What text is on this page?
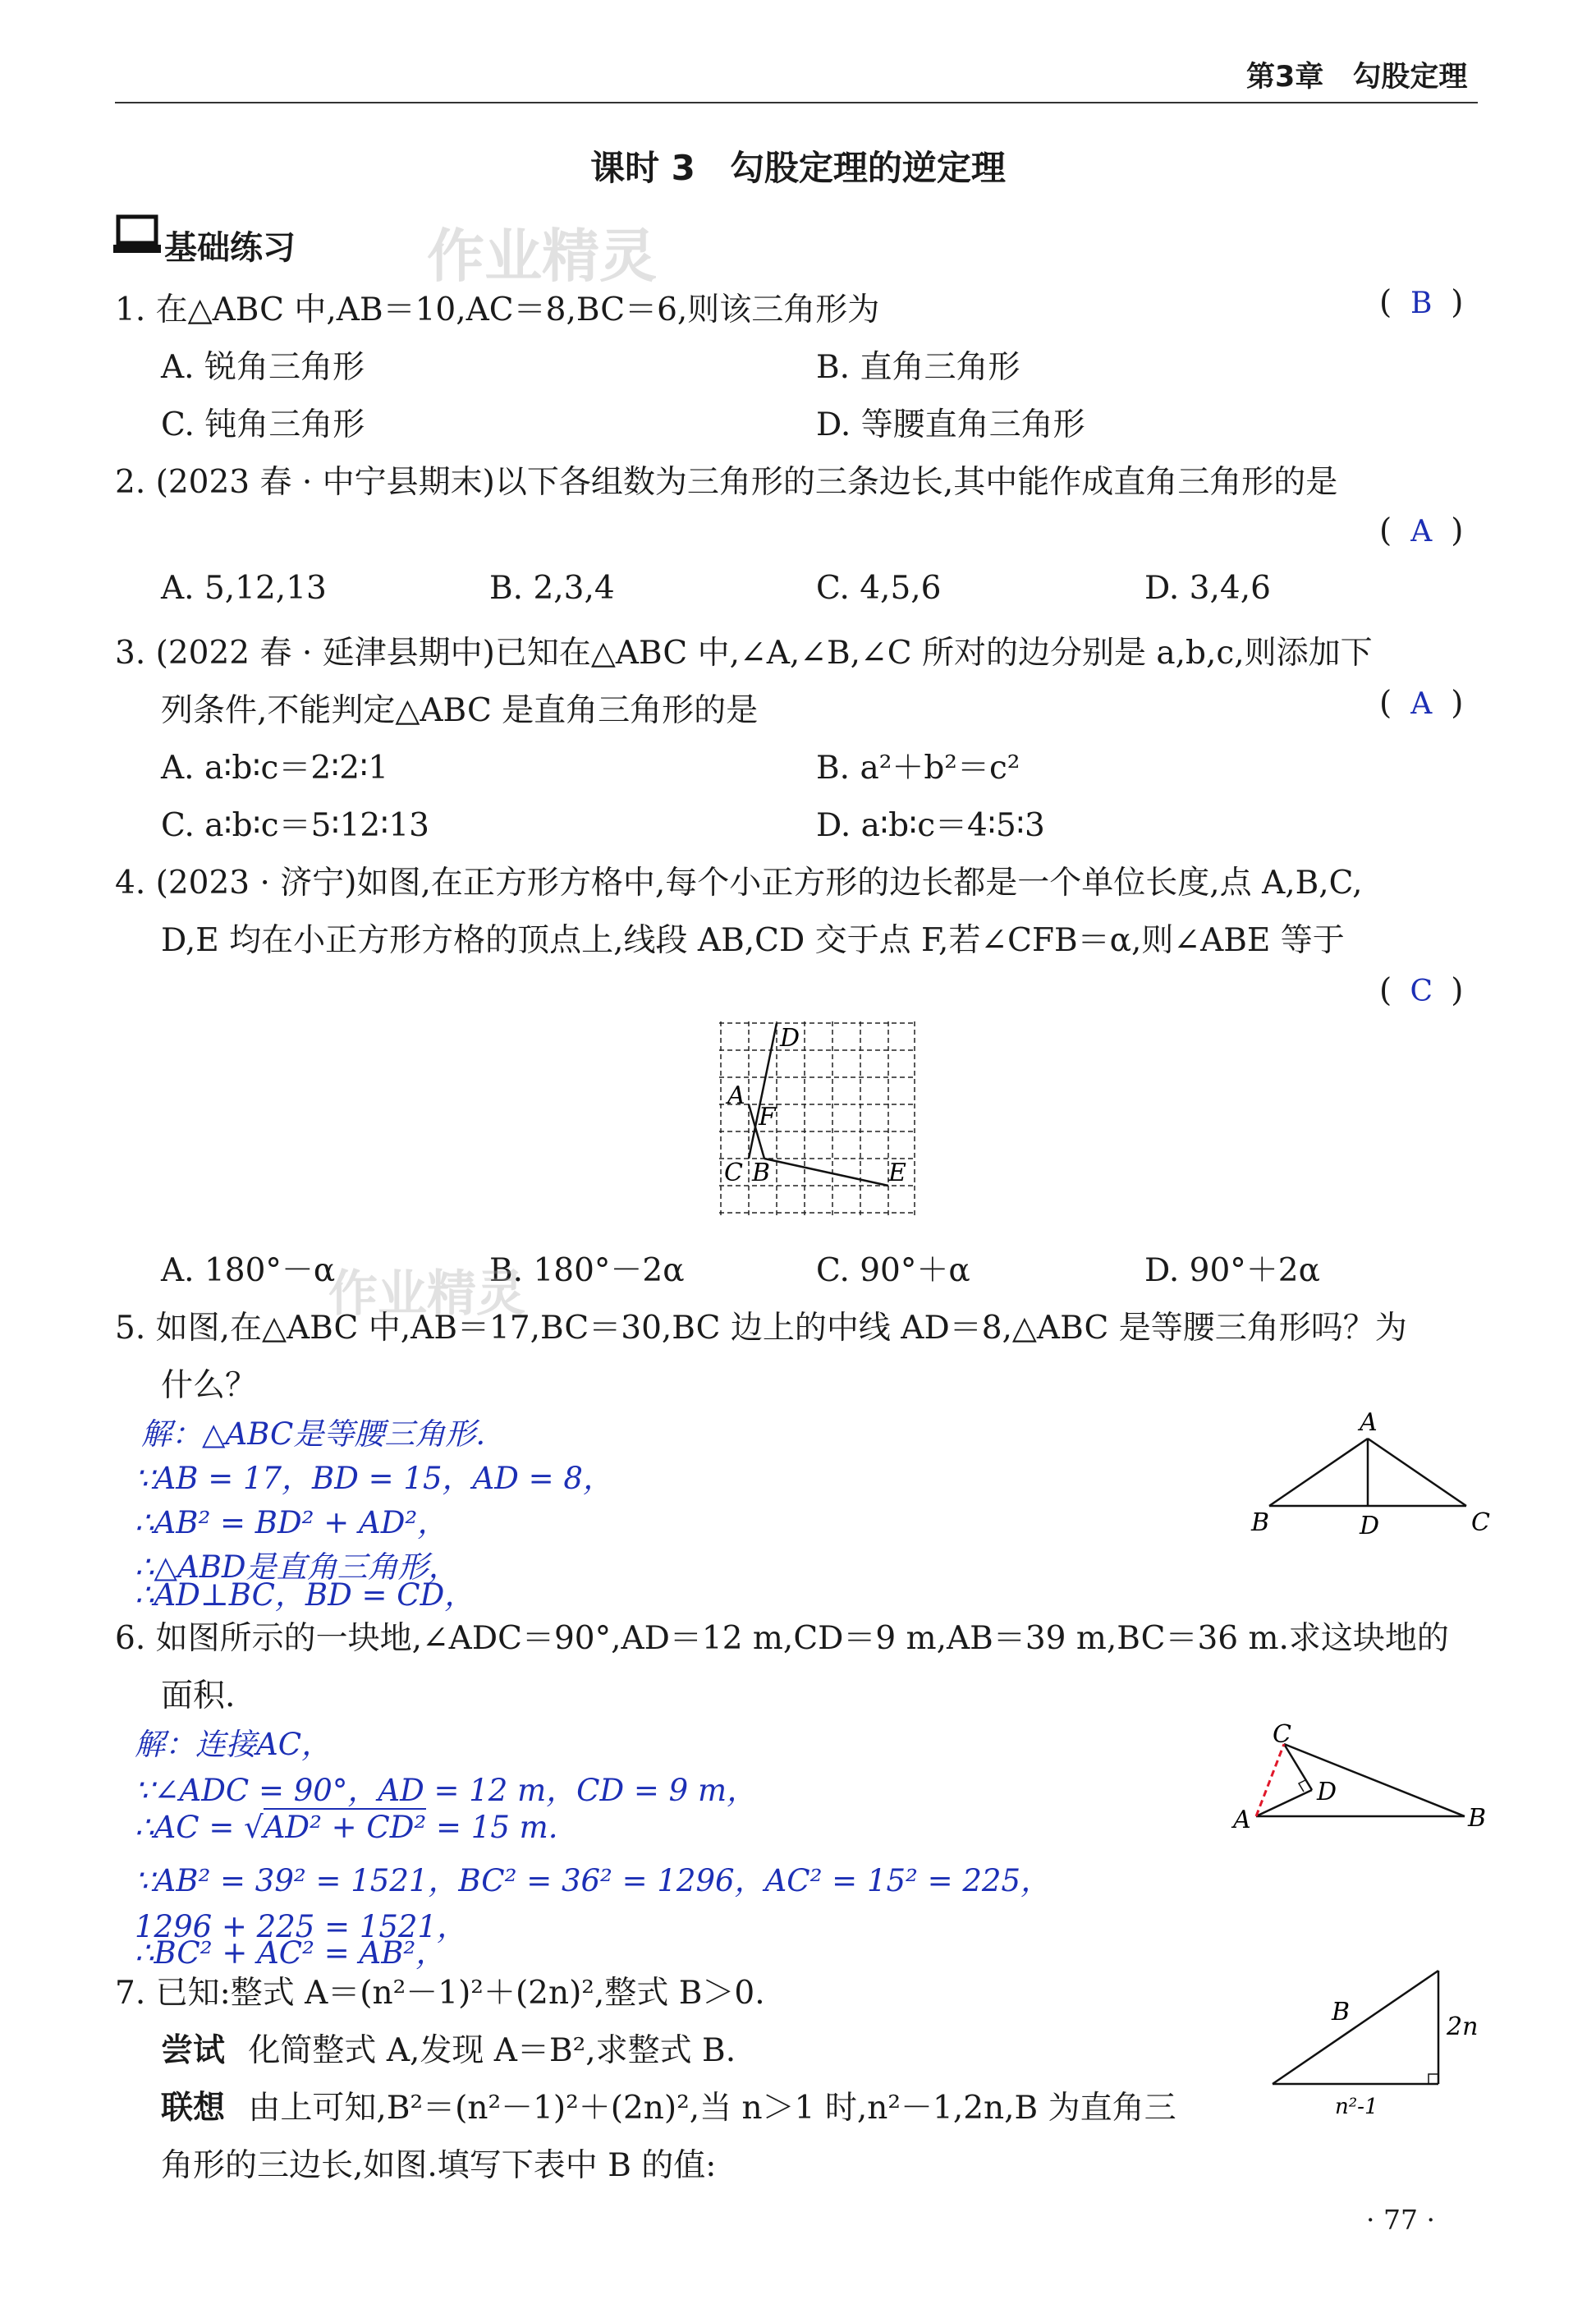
第3章　勾股定理
课时 3　勾股定理的逆定理
基础练习 作业精灵
1. 在△ABC 中,AB＝10,AC＝8,BC＝6,则该三角形为	( B )
A. 锐角三角形	B. 直角三角形
C. 钝角三角形	D. 等腰直角三角形
2. (2023 春 · 中宁县期末)以下各组数为三角形的三条边长,其中能作成直角三角形的是
( A )
A. 5,12,13	B. 2,3,4	C. 4,5,6	D. 3,4,6
3. (2022 春 · 延津县期中)已知在△ABC 中,∠A,∠B,∠C 所对的边分别是 a,b,c,则添加下
列条件,不能判定△ABC 是直角三角形的是	( A )
A. a∶b∶c＝2∶2∶1	B. a²＋b²＝c²
C. a∶b∶c＝5∶12∶13	D. a∶b∶c＝4∶5∶3
4. (2023 · 济宁)如图,在正方形方格中,每个小正方形的边长都是一个单位长度,点 A,B,C,
D,E 均在小正方形方格的顶点上,线段 AB,CD 交于点 F,若∠CFB＝α,则∠ABE 等于
( C )
D
A
F
C B	E
A. 180°－α	B. 180°－2α	C. 90°＋α	D. 90°＋2α
作业精灵
5. 如图,在△ABC 中,AB＝17,BC＝30,BC 边上的中线 AD＝8,△ABC 是等腰三角形吗？为
什么？
解：△ABC是等腰三角形.
∵AB = 17，BD = 15，AD = 8，
∴AB² = BD² + AD²，
∴△ABD是直角三角形，
∴AD⊥BC，BD = CD，
A
B	D	C
6. 如图所示的一块地,∠ADC＝90°,AD＝12 m,CD＝9 m,AB＝39 m,BC＝36 m.求这块地的
面积.
解：连接AC，
∵∠ADC = 90°，AD = 12 m，CD = 9 m，
∴AC = √AD² + CD² = 15 m.
∵AB² = 39² = 1521，BC² = 36² = 1296，AC² = 15² = 225，
1296 + 225 = 1521，
∴BC² + AC² = AB²，
C
D
A	B
7. 已知:整式 A＝(n²－1)²＋(2n)²,整式 B＞0.
尝试 化简整式 A,发现 A＝B²,求整式 B.
联想 由上可知,B²＝(n²－1)²＋(2n)²,当 n＞1 时,n²－1,2n,B 为直角三
角形的三边长,如图.填写下表中 B 的值:
B
2n
n²-1
· 77 ·
